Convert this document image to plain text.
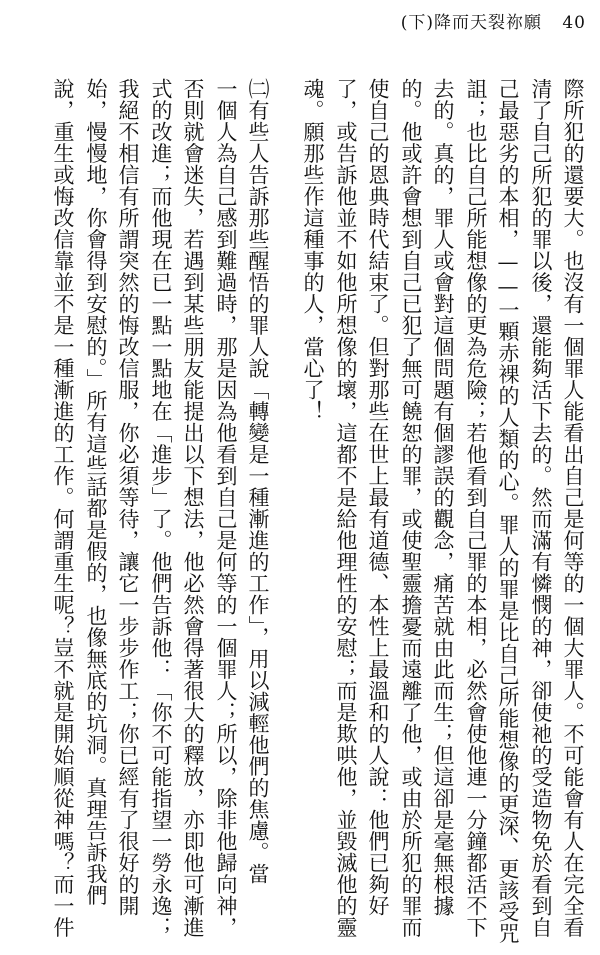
(下)降而天裂祢願 40
際所犯的還要大。也沒有一個罪人能看出自己是何等的一個大罪人。不可能會有人在完全看
清了自己所犯的罪以後，還能夠活下去的。然而滿有憐憫的神，卻使祂的受造物免於看到自
己最惡劣的本相，——一顆赤裸的人類的心。罪人的罪是比自己所能想像的更深、更該受咒
詛；也比自己所能想像的更為危險；若他看到自己罪的本相，必然會使他連一分鐘都活不下
去的。真的，罪人或會對這個問題有個謬誤的觀念，痛苦就由此而生；但這卻是毫無根據
的。他或許會想到自己已犯了無可饒恕的罪，或使聖靈擔憂而遠離了他，或由於所犯的罪而
使自己的恩典時代結束了。但對那些在世上最有道德、本性上最溫和的人說：他們已夠好
了，或告訴他並不如他所想像的壞，這都不是給他理性的安慰；而是欺哄他，並毀滅他的靈
魂。願那些作這種事的人，當心了！
㈡有些人告訴那些醒悟的罪人說「轉變是一種漸進的工作」，用以減輕他們的焦慮。當
一個人為自己感到難過時，那是因為他看到自己是何等的一個罪人；所以，除非他歸向神，
否則就會迷失，若遇到某些朋友能提出以下想法，他必然會得著很大的釋放，亦即他可漸進
式的改進；而他現在已一點一點地在「進步」了。他們告訴他：「你不可能指望一勞永逸；
我絕不相信有所謂突然的悔改信服，你必須等待，讓它一步步作工；你已經有了很好的開
始，慢慢地，你會得到安慰的。」所有這些話都是假的，也像無底的坑洞。真理告訴我們
說，重生或悔改信靠並不是一種漸進的工作。何謂重生呢？豈不就是開始順從神嗎？而一件
